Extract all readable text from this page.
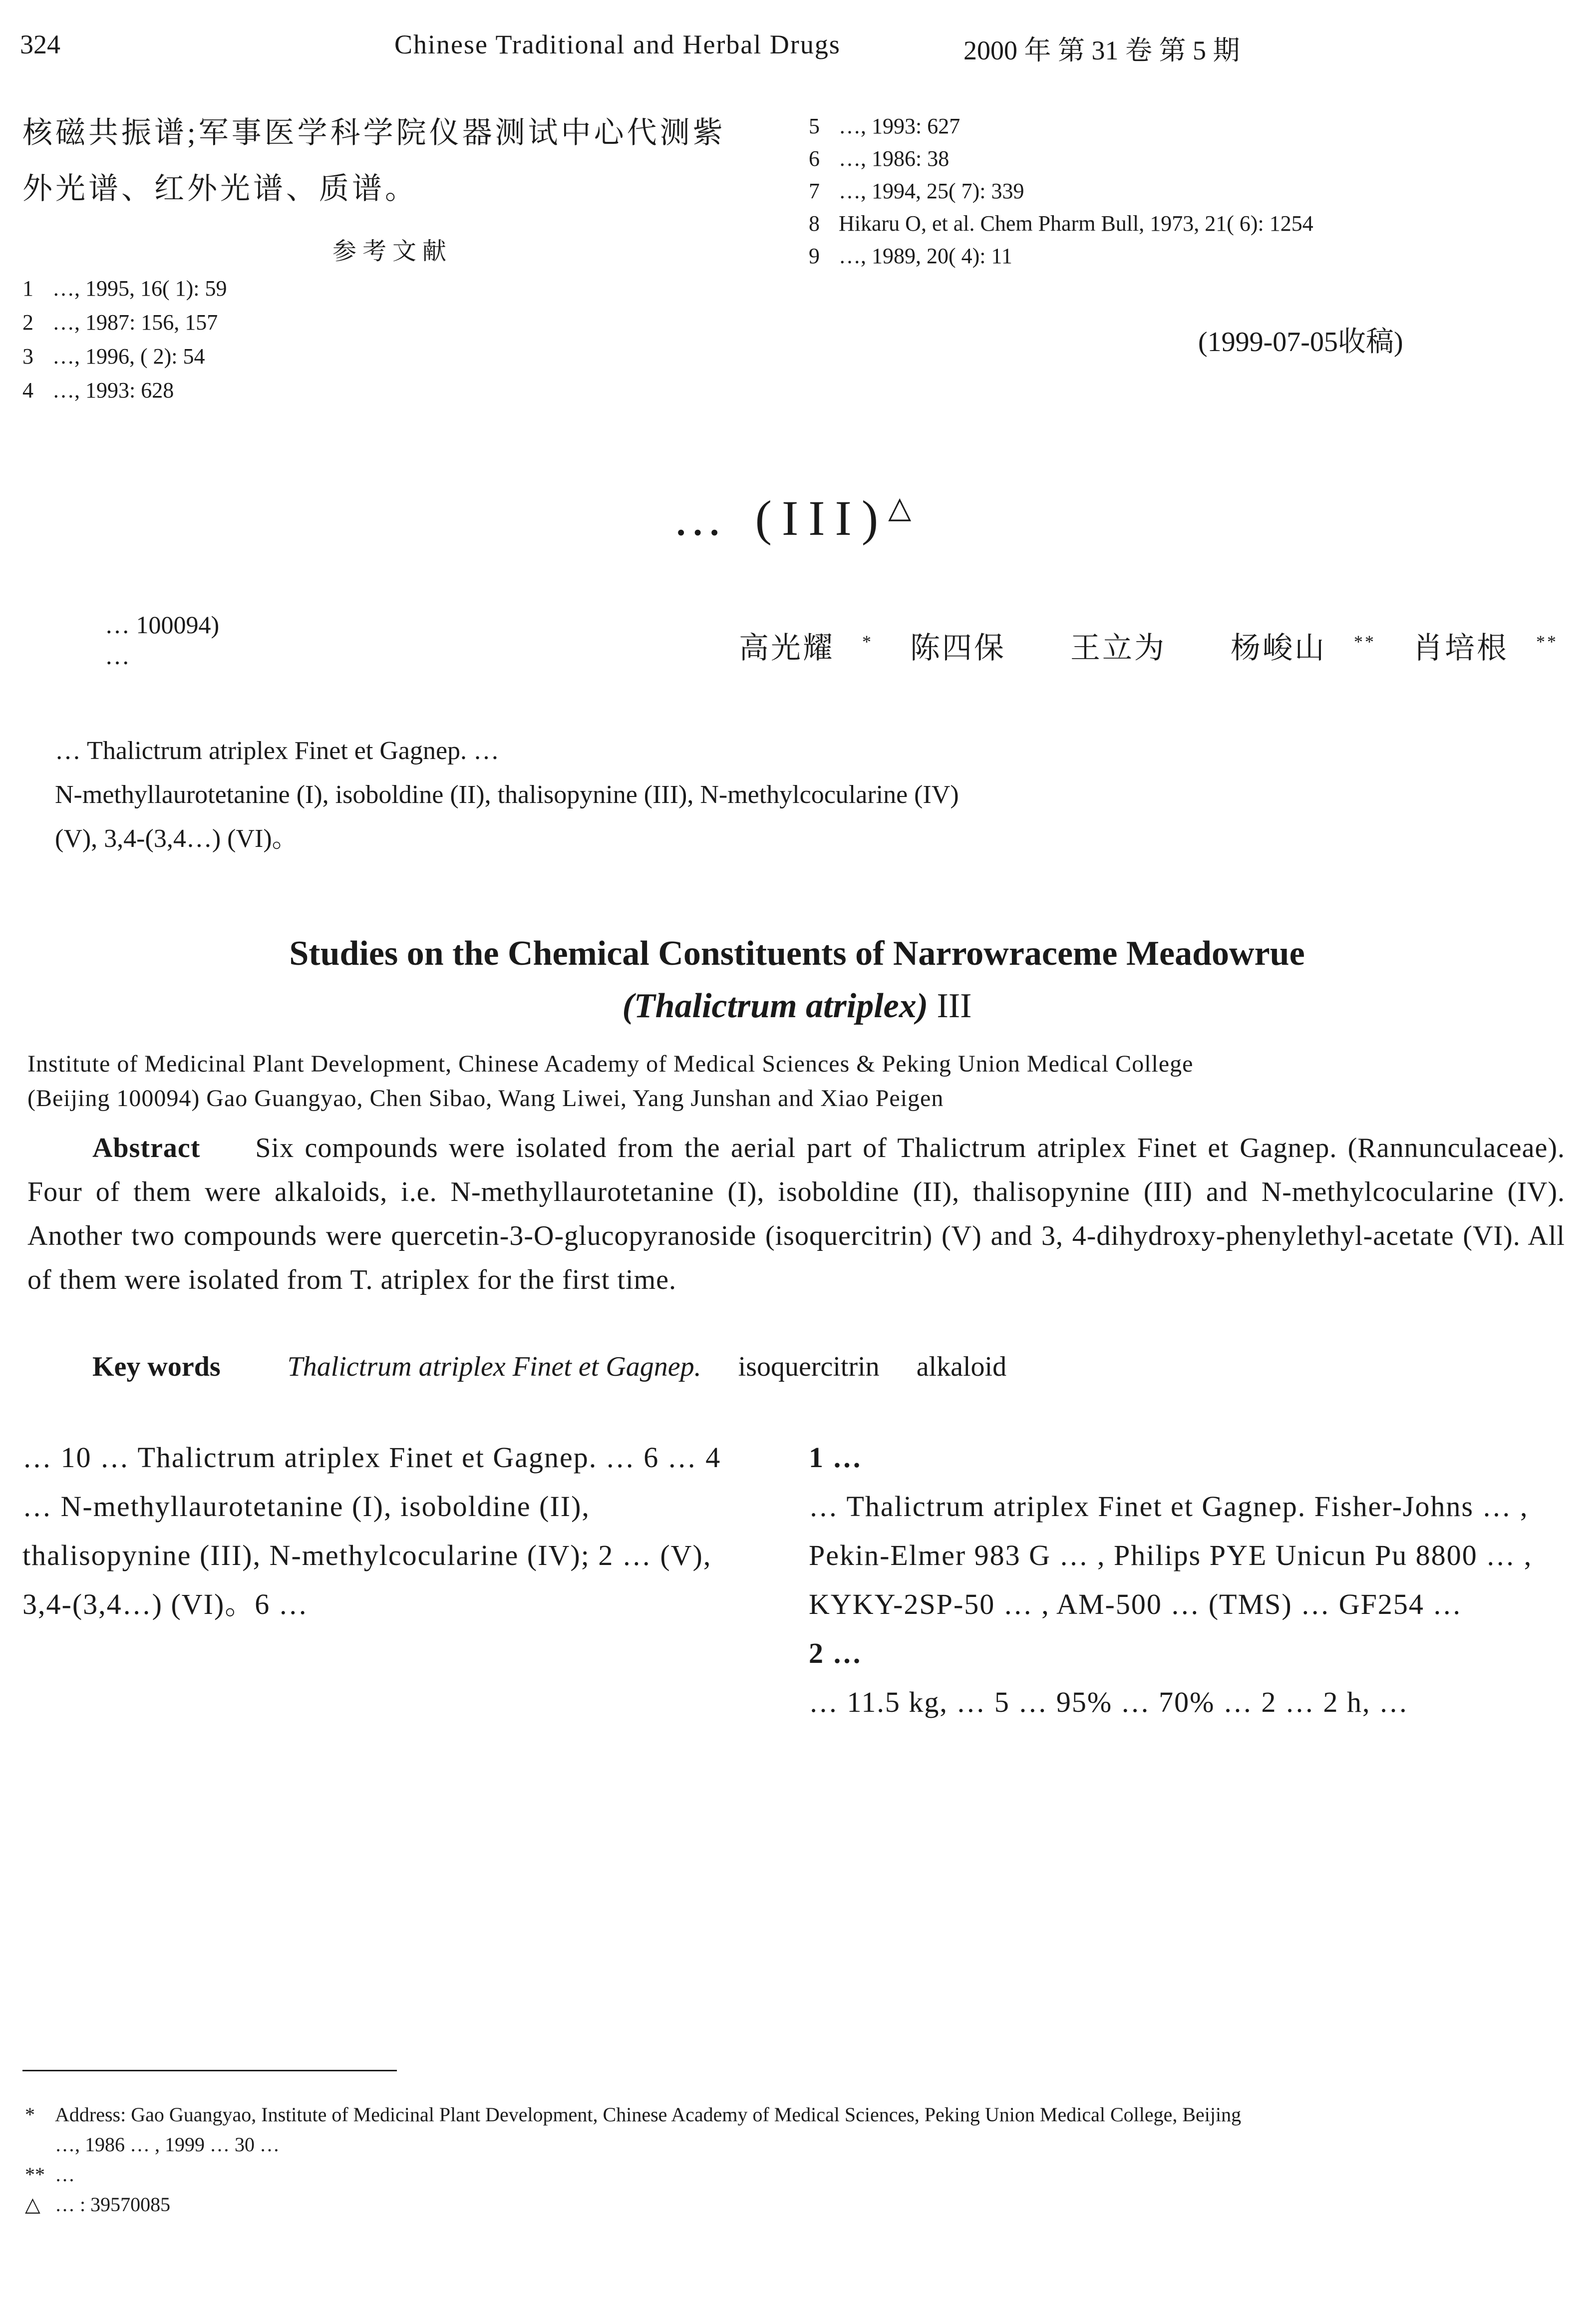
324	Chinese Traditional and Herbal Drugs	2000 年 第 31 卷 第 5 期
核磁共振谱;军事医学科学院仪器测试中心代测紫外光谱、红外光谱、质谱。
参 考 文 献
1 …, 1995, 16( 1): 59
2 …, 1987: 156, 157
3 …, 1996, ( 2): 54
4 …, 1993: 628
5 …, 1993: 627
6 …, 1986: 38
7 …, 1994, 25( 7): 339
8 Hikaru O, et al. Chem Pharm Bull, 1973, 21( 6): 1254
9 …, 1989, 20( 4): 11
(1999-07-05收稿)
… (III)△
… 100094)
…	高光耀 * 陈四保 王立为 杨峻山 ** 肖培根 **
… Thalictrum atriplex Finet et Gagnep. …
N-methyllaurotetanine (I), isoboldine (II), thalisopynine (III), N-methylcocularine (IV)
(V), 3,4-(3,4…) (VI)。
Studies on the Chemical Constituents of Narrowraceme Meadowrue
(Thalictrum atriplex) III
Institute of Medicinal Plant Development, Chinese Academy of Medical Sciences & Peking Union Medical College
(Beijing 100094) Gao Guangyao, Chen Sibao, Wang Liwei, Yang Junshan and Xiao Peigen
Abstract Six compounds were isolated from the aerial part of Thalictrum atriplex Finet et Gagnep. (Rannunculaceae). Four of them were alkaloids, i.e. N-methyllaurotetanine (I), isoboldine (II), thalisopynine (III) and N-methylcocularine (IV). Another two compounds were quercetin-3-O-glucopyranoside (isoquercitrin) (V) and 3, 4-dihydroxy-phenylethyl-acetate (VI). All of them were isolated from T. atriplex for the first time.
Key words Thalictrum atriplex Finet et Gagnep. isoquercitrin alkaloid
… 10 … Thalictrum atriplex Finet et Gagnep. … 6 … 4 … N-methyllaurotetanine (I), isoboldine (II), thalisopynine (III), N-methylcocularine (IV); 2 … (V), 3,4-(3,4…) (VI)。6 …
1 …
… Thalictrum atriplex Finet et Gagnep. Fisher-Johns … , Pekin-Elmer 983 G … , Philips PYE Unicun Pu 8800 … , KYKY-2SP-50 … , AM-500 … (TMS) … GF254 …
2 …
… 11.5 kg, … 5 … 95% … 70% … 2 … 2 h, …
* Address: Gao Guangyao, Institute of Medicinal Plant Development, Chinese Academy of Medical Sciences, Peking Union Medical College, Beijing
…, 1986 … , 1999 … 30 …
** …
△ … : 39570085
